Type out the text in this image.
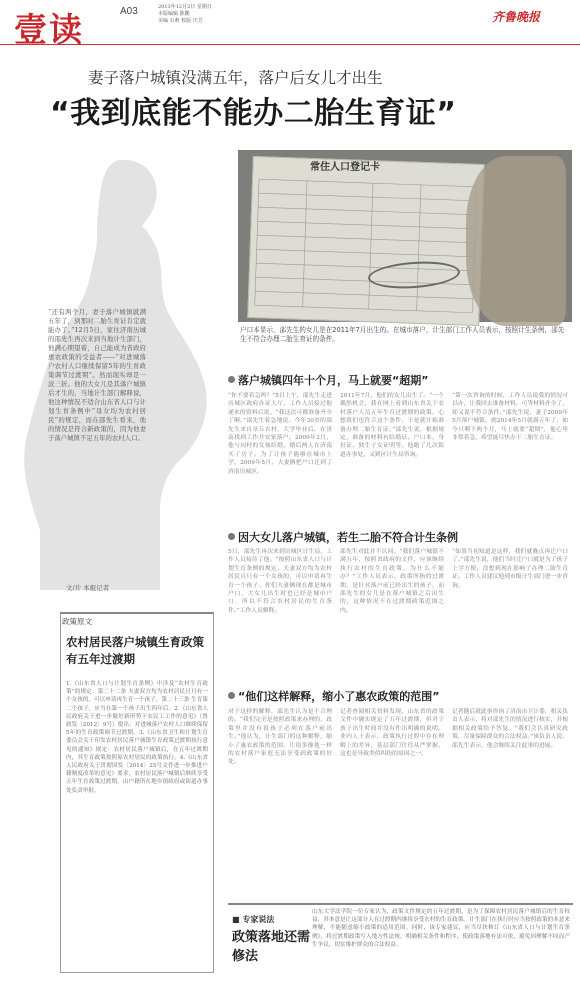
壹读	A03	2013年12月2日 星期日
本版编辑 陈鹏
美编 石莉 校版 庆芳	齐鲁晚报
妻子落户城镇没满五年，落户后女儿才出生
“我到底能不能办二胎生育证”
“还有两个月，妻子落户城镇就满五年了，到那时二胎生育证肯定就能办了。”12月5日，家住济南历城的邵先生再次来到当地计生部门，他满心期望着，自己能成为省政府惠农政策的受益者——“对进城落户农村人口继续保留5年的生育政策调节过渡期”。然而现实却是一波三折。他的大女儿是其落户城镇后才生的，当地计生部门解释说，他这种情况不适合山东省人口与计划生育条例中“母女均为农村居民”的规定，而在邵先生看来，他的情况是符合新政策的，因为他妻子落户城镇不足五年的农村人口。
文/片 本报记者
政策原文
农村居民落户城镇生育政策有五年过渡期
1.《山东省人口与计划生育条例》中涉及“农村生育政策”的规定：第二十二条 夫妻双方均为农村居民且只有一个女孩的，可以申请再生育一个孩子。第二十三条 生育第二个孩子，应当在第一个孩子出生四年后。2.《山东省人民政府关于进一步做好新形势下农民工工作的意见》（鲁政发〔2012〕9号）提出：对进城落户农村人口继续保留5年的生育政策调节过渡期。3.《山东省卫生和计划生育委员会关于印发农村居民落户城镇生育政策过渡期执行意见的通知》规定：农村居民落户城镇后，在五年过渡期内，其生育政策按照原农村居民的政策执行。4.《山东省人民政府关于贯彻国发〔2014〕25号文件进一步推进户籍制度改革的意见》要求，农村居民落户城镇后继续享受五年生育政策过渡期，由户籍所在地乡镇政府或街道办事处负责审批。
常住人口登记卡
户口本显示，邵先生的女儿是在2011年7月出生的。在城市落户，计生部门工作人员表示，按照计生条例，邵先生不符合办理二胎生育证的条件。
落户城镇四年十个月，马上就要“超期”
“你不要着急吗？”5日上午，邵先生走进历城区政府办证大厅，工作人员接过他递来的资料后说。“我这次可都准备齐全了啊。”邵先生着急地说。今年30岁的邵先生来自章丘农村，大学毕业后，在济南找到工作并安家落户。2009年2月，他与同村的女孩结婚，婚后两人在济南买了房子。为了让孩子能够在城市上学，2009年5月，夫妻俩把户口迁到了济南历城区。
2011年7月，他们的女儿出生了。“一个偶然机会，我在网上看到山东省关于农村落户人员五年生育过渡期的政策，心想我们也符合这个条件，于是就开始准备办理二胎生育证。”邵先生说，根据规定，准备的材料有结婚证、户口本、身份证、独生子女证明等。他跑了几次街道办事处，又到区计生局咨询。
“第一次咨询的时候，工作人员说我的情况可以办，让我回去准备材料，可等材料齐全了，却又说不符合条件。”邵先生说，妻子2009年5月落户城镇，到2014年5月就满五年了，如今只剩下两个月，马上就要“超期”，他心里非常着急，希望能尽快办下二胎生育证。
因大女儿落户城镇，若生二胎不符合计生条例
5日，邵先生再次来到历城区计生局，工作人员接待了他。“按照山东省人口与计划生育条例的规定，夫妻双方均为农村居民且只有一个女孩的，可以申请再生育一个孩子。你们夫妻俩现在都是城市户口，大女儿出生时也已经是城市户口，所以不符合农村居民的生育条件。”工作人员解释。
邵先生对此并不认同。“我们落户城镇不满五年，按照省政府的文件，应该继续执行农村的生育政策，为什么不能办？”工作人员表示，政策所指的过渡期，是针对落户前已经出生的孩子，而邵先生的女儿是在落户城镇之后出生的，这种情况不在过渡期政策范围之内。
“如果当初知道是这样，我们就晚点再迁户口了。”邵先生说，他们当时迁户口就是为了孩子上学方便，没想到现在影响了办理二胎生育证。工作人员建议他到市级计生部门进一步咨询。
“他们这样解释，缩小了惠农政策的范围”
对于这样的解释，邵先生认为是不合理的。“我们完全是按照政策来办理的，政策里并没有说孩子必须在落户前出生。”他认为，计生部门的这种解释，缩小了惠农政策的范围，让很多像他一样的农村落户家庭无法享受到政策的好处。
记者查阅相关资料发现，山东省的政策文件中确实规定了五年过渡期，但对于孩子出生时间并没有作出明确的说明。业内人士表示，政策执行过程中存在理解上的差异，基层部门往往从严掌握，这也是导致类似纠纷的原因之一。
记者随后就此事咨询了济南市卫计委，相关负责人表示，将对邵先生的情况进行核实，并根据相关政策给予答复。“我们会认真研究政策，尽量保障群众的合法权益。”该负责人说。邵先生表示，他会继续关注此事的进展。
■ 专家说法
政策落地还需修法
山东大学法学院一位专家认为，政策文件规定的五年过渡期，是为了保障农村居民落户城镇后的生育权益，其本意是让这部分人在过渡期内继续享受农村的生育政策。计生部门在执行时应当按照政策的本意来理解，不能随意缩小政策的适用范围。同时，该专家建议，应当尽快修订《山东省人口与计划生育条例》，将过渡期政策写入地方性法规，明确相关条件和程序，使政策落地有法可依，避免因理解不同而产生争议，切实维护群众的合法权益。
